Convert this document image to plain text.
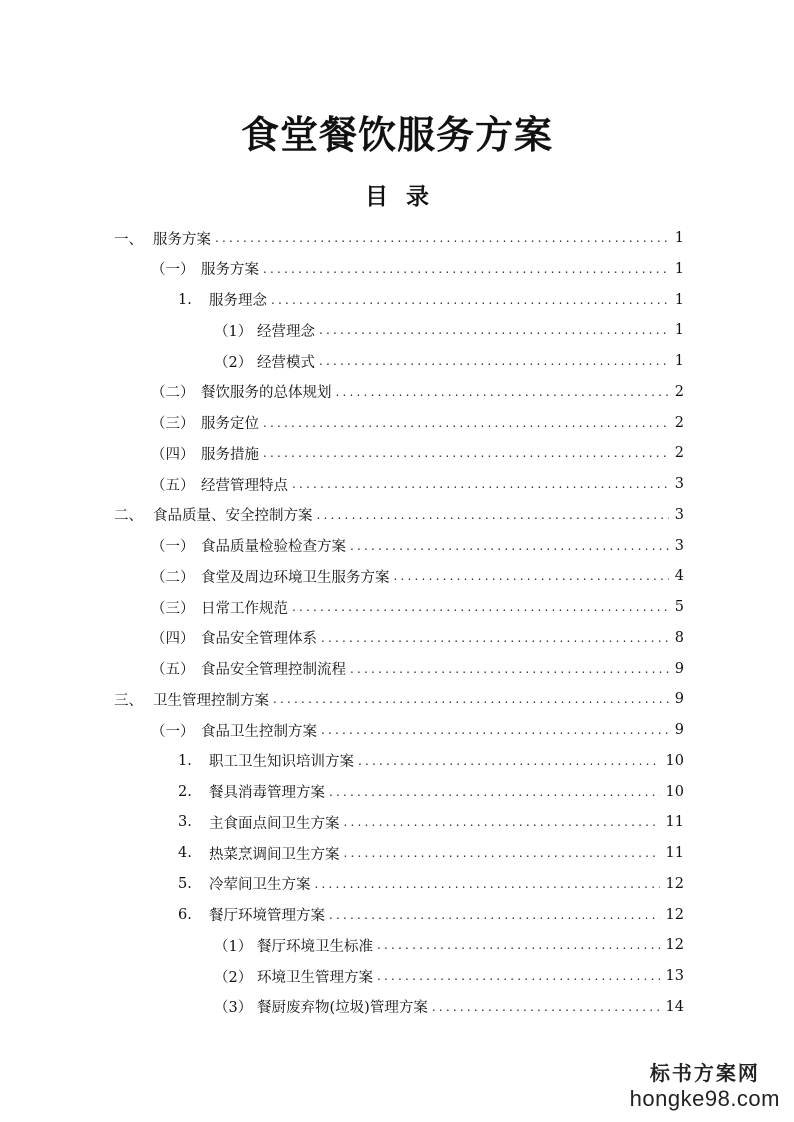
食堂餐饮服务方案
目 录
一、 服务方案 .....	1
（一） 服务方案 .....	1
1.	服务理念 .....	1
（1） 经营理念 .....	1
（2） 经营模式 .....	1
（二） 餐饮服务的总体规划 .....	2
（三） 服务定位 .....	2
（四） 服务措施 .....	2
（五） 经营管理特点 .....	3
二、 食品质量、安全控制方案 .....	3
（一） 食品质量检验检查方案 .....	3
（二） 食堂及周边环境卫生服务方案 .....	4
（三） 日常工作规范 .....	5
（四） 食品安全管理体系 .....	8
（五） 食品安全管理控制流程 .....	9
三、 卫生管理控制方案 .....	9
（一） 食品卫生控制方案 .....	9
1.	职工卫生知识培训方案 .....	10
2.	餐具消毒管理方案 .....	10
3.	主食面点间卫生方案 .....	11
4.	热菜烹调间卫生方案 .....	11
5.	冷荤间卫生方案 .....	12
6.	餐厅环境管理方案 .....	12
（1） 餐厅环境卫生标准 .....	12
（2） 环境卫生管理方案 .....	13
（3） 餐厨废弃物(垃圾)管理方案 .....	14
标书方案网
hongke98.com
